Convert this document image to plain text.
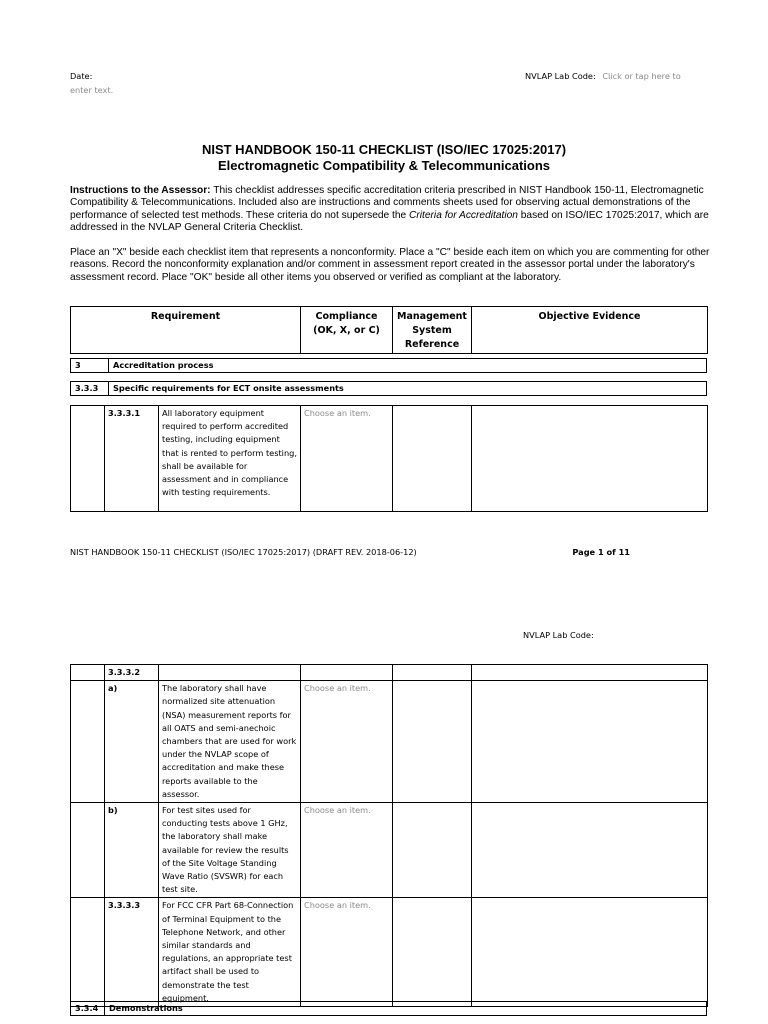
Date:	NVLAP Lab Code: Click or tap here to
enter text.
NIST HANDBOOK 150-11 CHECKLIST (ISO/IEC 17025:2017)
Electromagnetic Compatibility & Telecommunications
Instructions to the Assessor: This checklist addresses specific accreditation criteria prescribed in NIST Handbook 150-11, Electromagnetic Compatibility & Telecommunications. Included also are instructions and comments sheets used for observing actual demonstrations of the performance of selected test methods. These criteria do not supersede the Criteria for Accreditation based on ISO/IEC 17025:2017, which are addressed in the NVLAP General Criteria Checklist.
Place an "X" beside each checklist item that represents a nonconformity. Place a "C" beside each item on which you are commenting for other reasons. Record the nonconformity explanation and/or comment in assessment report created in the assessor portal under the laboratory's assessment record. Place "OK" beside all other items you observed or verified as compliant at the laboratory.
Requirement	Compliance (OK, X, or C)	Management System Reference	Objective Evidence
3	Accreditation process
3.3.3	Specific requirements for ECT onsite assessments
	3.3.3.1	All laboratory equipment required to perform accredited testing, including equipment that is rented to perform testing, shall be available for assessment and in compliance with testing requirements.	Choose an item.		
NIST HANDBOOK 150-11 CHECKLIST (ISO/IEC 17025:2017) (DRAFT REV. 2018-06-12)	Page 1 of 11
NVLAP Lab Code:
	3.3.3.2				
	a)	The laboratory shall have normalized site attenuation (NSA) measurement reports for all OATS and semi-anechoic chambers that are used for work under the NVLAP scope of accreditation and make these reports available to the assessor.	Choose an item.		
	b)	For test sites used for conducting tests above 1 GHz, the laboratory shall make available for review the results of the Site Voltage Standing Wave Ratio (SVSWR) for each test site.	Choose an item.		
	3.3.3.3	For FCC CFR Part 68-Connection of Terminal Equipment to the Telephone Network, and other similar standards and regulations, an appropriate test artifact shall be used to demonstrate the test equipment.	Choose an item.		
3.3.4	Demonstrations
